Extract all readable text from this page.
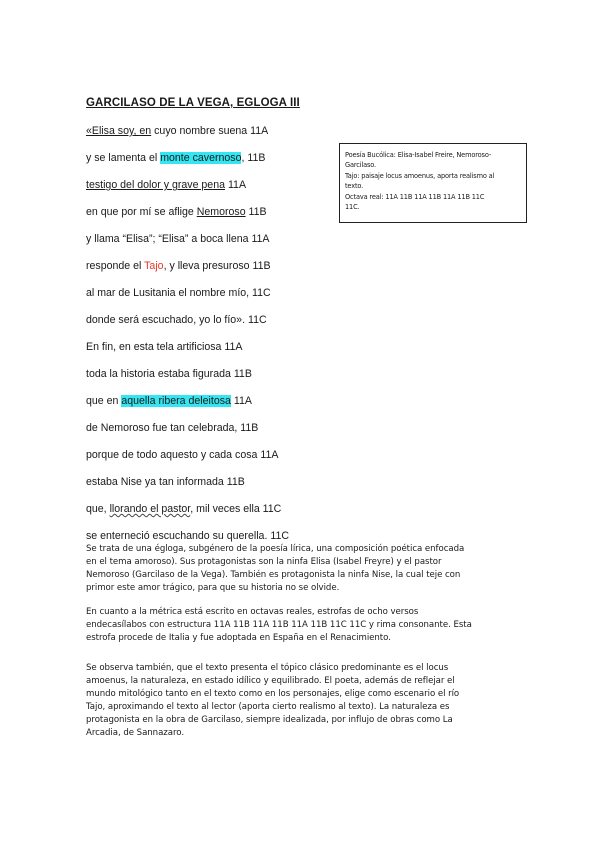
GARCILASO DE LA VEGA, EGLOGA III
«Elisa soy, en cuyo nombre suena 11A
y se lamenta el monte cavernoso, 11B
testigo del dolor y grave pena 11A
en que por mí se aflige Nemoroso 11B
y llama “Elisa”; “Elisa” a boca llena 11A
responde el Tajo, y lleva presuroso 11B
al mar de Lusitania el nombre mío, 11C
donde será escuchado, yo lo fío». 11C
En fin, en esta tela artificiosa 11A
toda la historia estaba figurada 11B
que en aquella ribera deleitosa 11A
de Nemoroso fue tan celebrada, 11B
porque de todo aquesto y cada cosa 11A
estaba Nise ya tan informada 11B
que, llorando el pastor, mil veces ella 11C
se enterneció escuchando su querella. 11C
Poesía Bucólica: Elisa-Isabel Freire, Nemoroso-
Garcilaso.
Tajo: paisaje locus amoenus, aporta realismo al
texto.
Octava real: 11A 11B 11A 11B 11A 11B 11C
11C.
Se trata de una égloga, subgénero de la poesía lírica, una composición poética enfocada
en el tema amoroso). Sus protagonistas son la ninfa Elisa (Isabel Freyre) y el pastor
Nemoroso (Garcilaso de la Vega). También es protagonista la ninfa Nise, la cual teje con
primor este amor trágico, para que su historia no se olvide.
En cuanto a la métrica está escrito en octavas reales, estrofas de ocho versos
endecasílabos con estructura 11A 11B 11A 11B 11A 11B 11C 11C y rima consonante. Esta
estrofa procede de Italia y fue adoptada en España en el Renacimiento.
Se observa también, que el texto presenta el tópico clásico predominante es el locus
amoenus, la naturaleza, en estado idílico y equilibrado. El poeta, además de reflejar el
mundo mitológico tanto en el texto como en los personajes, elige como escenario el río
Tajo, aproximando el texto al lector (aporta cierto realismo al texto). La naturaleza es
protagonista en la obra de Garcilaso, siempre idealizada, por influjo de obras como La
Arcadia, de Sannazaro.
